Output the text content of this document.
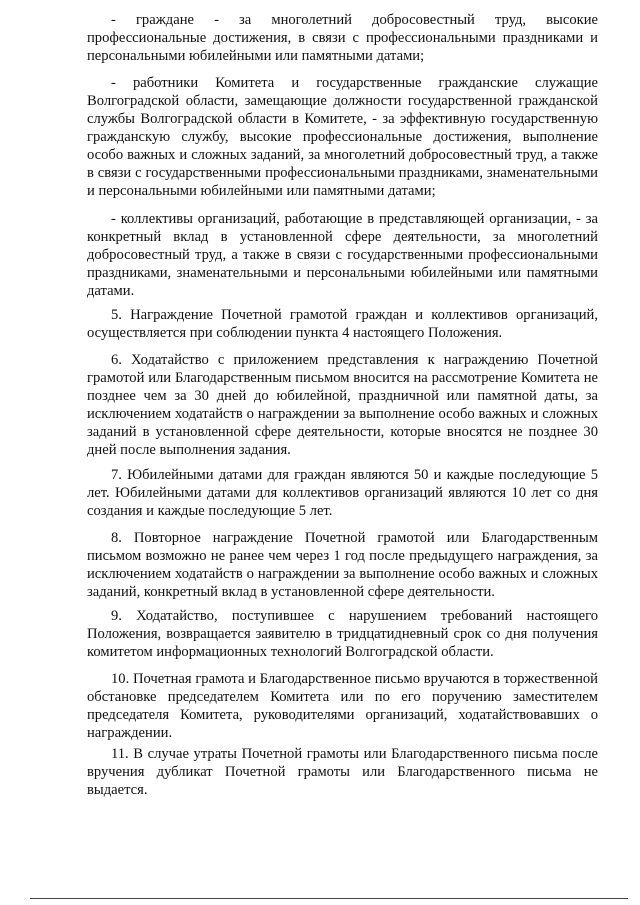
- граждане - за многолетний добросовестный труд, высокие профессиональные достижения, в связи с профессиональными праздниками и персональными юбилейными или памятными датами;

- работники Комитета и государственные гражданские служащие Волгоградской области, замещающие должности государственной гражданской службы Волгоградской области в Комитете, - за эффективную государственную гражданскую службу, высокие профессиональные достижения, выполнение особо важных и сложных заданий, за многолетний добросовестный труд, а также в связи с государственными профессиональными праздниками, знаменательными и персональными юбилейными или памятными датами;

- коллективы организаций, работающие в представляющей организации, - за конкретный вклад в установленной сфере деятельности, за многолетний добросовестный труд, а также в связи с государственными профессиональными праздниками, знаменательными и персональными юбилейными или памятными датами.

5. Награждение Почетной грамотой граждан и коллективов организаций, осуществляется при соблюдении пункта 4 настоящего Положения.

6. Ходатайство с приложением представления к награждению Почетной грамотой или Благодарственным письмом вносится на рассмотрение Комитета не позднее чем за 30 дней до юбилейной, праздничной или памятной даты, за исключением ходатайств о награждении за выполнение особо важных и сложных заданий в установленной сфере деятельности, которые вносятся не позднее 30 дней после выполнения задания.

7. Юбилейными датами для граждан являются 50 и каждые последующие 5 лет. Юбилейными датами для коллективов организаций являются 10 лет со дня создания и каждые последующие 5 лет.

8. Повторное награждение Почетной грамотой или Благодарственным письмом возможно не ранее чем через 1 год после предыдущего награждения, за исключением ходатайств о награждении за выполнение особо важных и сложных заданий, конкретный вклад в установленной сфере деятельности.

9. Ходатайство, поступившее с нарушением требований настоящего Положения, возвращается заявителю в тридцатидневный срок со дня получения комитетом информационных технологий Волгоградской области.

10. Почетная грамота и Благодарственное письмо вручаются в торжественной обстановке председателем Комитета или по его поручению заместителем председателя Комитета, руководителями организаций, ходатайствовавших о награждении.

11. В случае утраты Почетной грамоты или Благодарственного письма после вручения дубликат Почетной грамоты или Благодарственного письма не выдается.
